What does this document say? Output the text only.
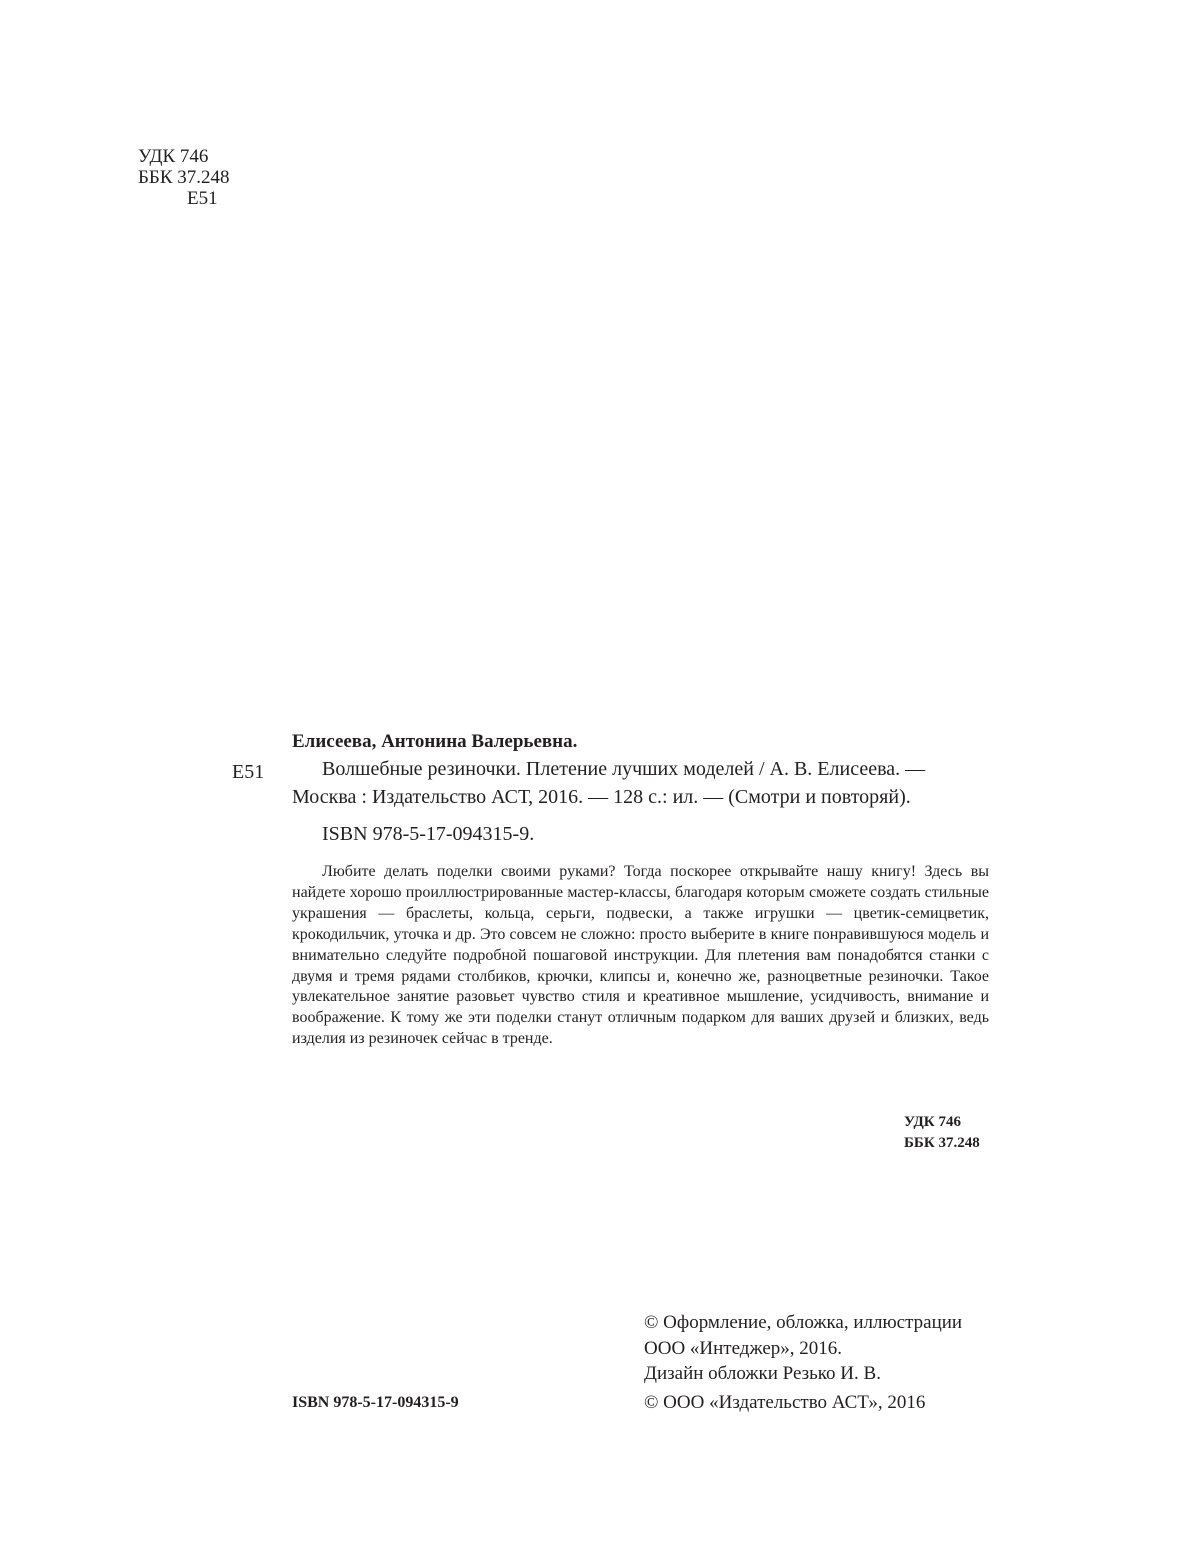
УДК 746
ББК 37.248
Е51
Елисеева, Антонина Валерьевна.
Е51	Волшебные резиночки. Плетение лучших моделей / А. В. Елисеева. —
Москва : Издательство АСТ, 2016. — 128 с.: ил. — (Смотри и повторяй).
ISBN 978-5-17-094315-9.
Любите делать поделки своими руками? Тогда поскорее открывайте нашу книгу! Здесь вы найдете хорошо проиллюстрированные мастер-классы, благодаря которым сможете создать стильные украшения — браслеты, кольца, серьги, подвески, а также игрушки — цветик-семицветик, крокодильчик, уточка и др. Это совсем не сложно: просто выберите в книге понравившуюся модель и внимательно следуйте подробной пошаговой инструкции. Для плетения вам понадобятся станки с двумя и тремя рядами столбиков, крючки, клипсы и, конечно же, разноцветные резиночки. Такое увлекательное занятие разовьет чувство стиля и креативное мышление, усидчивость, внимание и воображение. К тому же эти поделки станут отличным подарком для ваших друзей и близких, ведь изделия из резиночек сейчас в тренде.
УДК 746
ББК 37.248
© Оформление, обложка, иллюстрации
ООО «Интеджер», 2016.
Дизайн обложки Резько И. В.
© ООО «Издательство АСТ», 2016
ISBN 978-5-17-094315-9
